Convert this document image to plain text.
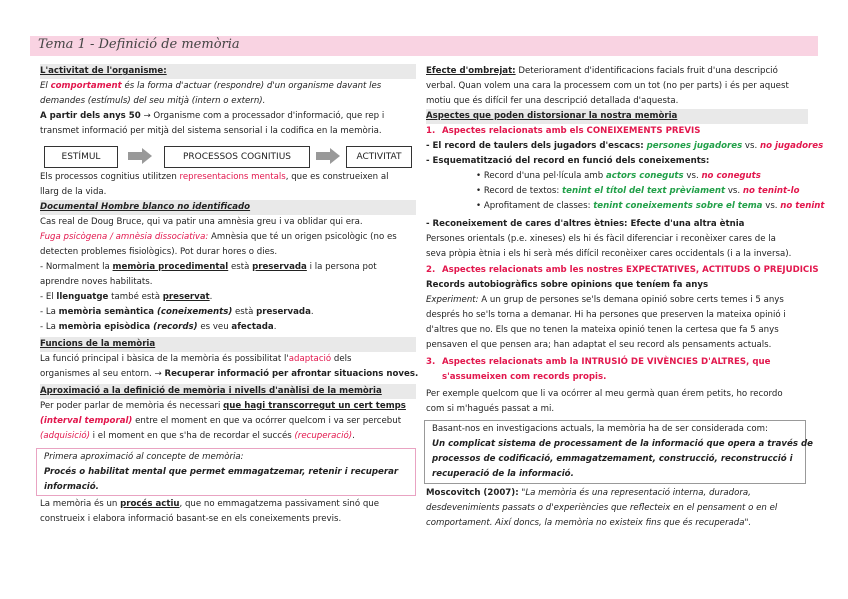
Tema 1 - Definició de memòria
L'activitat de l'organisme:
El comportament és la forma d'actuar (respondre) d'un organisme davant les
demandes (estímuls) del seu mitjà (intern o extern).
A partir dels anys 50 → Organisme com a processador d'informació, que rep i
transmet informació per mitjà del sistema sensorial i la codifica en la memòria.
ESTÍMUL	PROCESSOS COGNITIUS	ACTIVITAT
Els processos cognitius utilitzen representacions mentals, que es construeixen al
llarg de la vida.
Documental Hombre blanco no identificado
Cas real de Doug Bruce, qui va patir una amnèsia greu i va oblidar qui era.
Fuga psicògena / amnèsia dissociativa: Amnèsia que té un origen psicològic (no es
detecten problemes fisiològics). Pot durar hores o dies.
- Normalment la memòria procedimental està preservada i la persona pot
aprendre noves habilitats.
- El llenguatge també està preservat.
- La memòria semàntica (coneixements) està preservada.
- La memòria episòdica (records) es veu afectada.
Funcions de la memòria
La funció principal i bàsica de la memòria és possibilitat l'adaptació dels
organismes al seu entorn. → Recuperar informació per afrontar situacions noves.
Aproximació a la definició de memòria i nivells d'anàlisi de la memòria
Per poder parlar de memòria és necessari que hagi transcorregut un cert temps
(interval temporal) entre el moment en que va ocórrer quelcom i va ser percebut
(adquisició) i el moment en que s'ha de recordar el succés (recuperació).
Primera aproximació al concepte de memòria:
Procés o habilitat mental que permet emmagatzemar, retenir i recuperar
informació.
La memòria és un procés actiu, que no emmagatzema passivament sinó que
construeix i elabora informació basant-se en els coneixements previs.
Efecte d'ombrejat: Deteriorament d'identificacions facials fruit d'una descripció
verbal. Quan volem una cara la processem com un tot (no per parts) i és per aquest
motiu que és difícil fer una descripció detallada d'aquesta.
Aspectes que poden distorsionar la nostra memòria
1. Aspectes relacionats amb els CONEIXEMENTS PREVIS
- El record de taulers dels jugadors d'escacs: persones jugadores vs. no jugadores
- Esquematització del record en funció dels coneixements:
• Record d'una pel·lícula amb actors coneguts vs. no coneguts
• Record de textos: tenint el títol del text prèviament vs. no tenint-lo
• Aprofitament de classes: tenint coneixements sobre el tema vs. no tenint
- Reconeixement de cares d'altres ètnies: Efecte d'una altra ètnia
Persones orientals (p.e. xineses) els hi és fàcil diferenciar i reconèixer cares de la
seva pròpia ètnia i els hi serà més difícil reconèixer cares occidentals (i a la inversa).
2. Aspectes relacionats amb les nostres EXPECTATIVES, ACTITUDS O PREJUDICIS
Records autobiogràfics sobre opinions que teníem fa anys
Experiment: A un grup de persones se'ls demana opinió sobre certs temes i 5 anys
després ho se'ls torna a demanar. Hi ha persones que preserven la mateixa opinió i
d'altres que no. Els que no tenen la mateixa opinió tenen la certesa que fa 5 anys
pensaven el que pensen ara; han adaptat el seu record als pensaments actuals.
3. Aspectes relacionats amb la INTRUSIÓ DE VIVÈNCIES D'ALTRES, que
s'assumeixen com records propis.
Per exemple quelcom que li va ocórrer al meu germà quan érem petits, ho recordo
com si m'hagués passat a mi.
Basant-nos en investigacions actuals, la memòria ha de ser considerada com:
Un complicat sistema de processament de la informació que opera a través de
processos de codificació, emmagatzemament, construcció, reconstrucció i
recuperació de la informació.
Moscovitch (2007): "La memòria és una representació interna, duradora,
desdevenimients passats o d'experiències que reflecteix en el pensament o en el
comportament. Així doncs, la memòria no existeix fins que és recuperada".
